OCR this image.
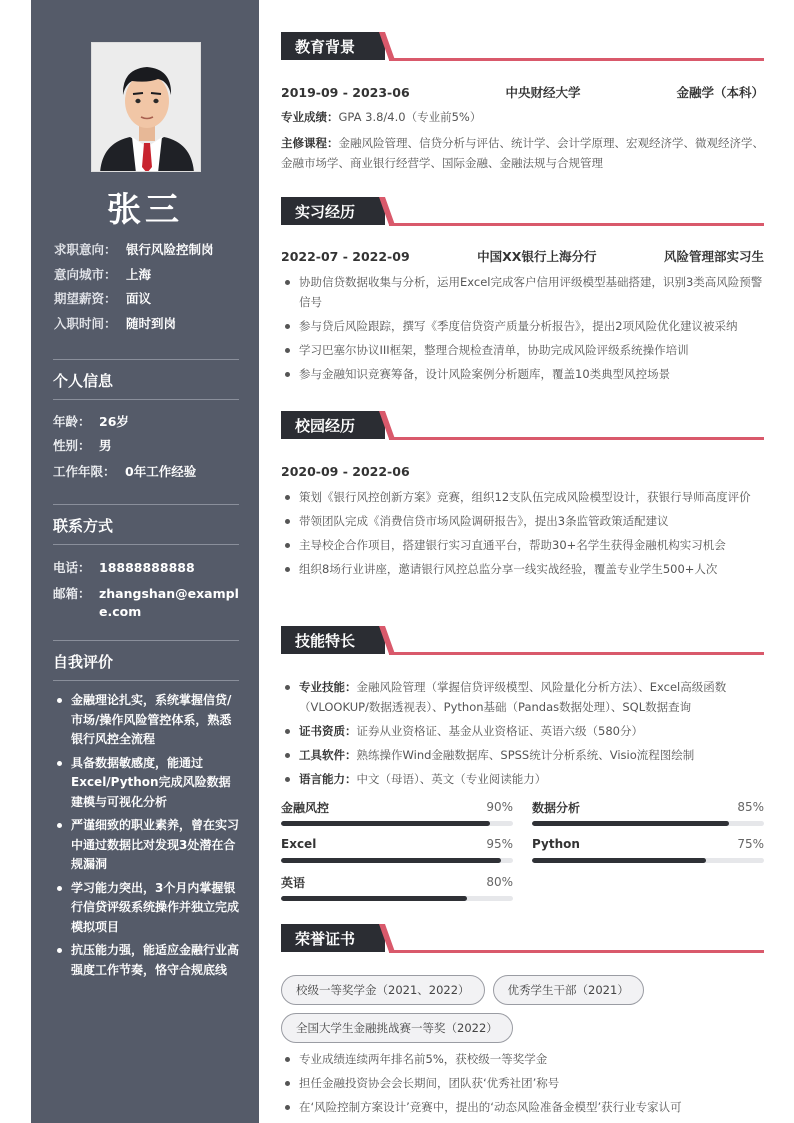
张三
求职意向： 银行风险控制岗
意向城市： 上海
期望薪资： 面议
入职时间： 随时到岗
个人信息
年龄： 26岁
性别： 男
工作年限： 0年工作经验
联系方式
电话： 18888888888
邮箱： zhangshan@example.com
自我评价
金融理论扎实，系统掌握信贷/市场/操作风险管控体系，熟悉银行风控全流程
具备数据敏感度，能通过Excel/Python完成风险数据建模与可视化分析
严谨细致的职业素养，曾在实习中通过数据比对发现3处潜在合规漏洞
学习能力突出，3个月内掌握银行信贷评级系统操作并独立完成模拟项目
抗压能力强，能适应金融行业高强度工作节奏，恪守合规底线
教育背景
2019-09 - 2023-06	中央财经大学	金融学（本科）
专业成绩：GPA 3.8/4.0（专业前5%）
主修课程：金融风险管理、信贷分析与评估、统计学、会计学原理、宏观经济学、微观经济学、金融市场学、商业银行经营学、国际金融、金融法规与合规管理
实习经历
2022-07 - 2022-09	中国XX银行上海分行	风险管理部实习生
协助信贷数据收集与分析，运用Excel完成客户信用评级模型基础搭建，识别3类高风险预警信号
参与贷后风险跟踪，撰写《季度信贷资产质量分析报告》，提出2项风险优化建议被采纳
学习巴塞尔协议III框架，整理合规检查清单，协助完成风险评级系统操作培训
参与金融知识竞赛筹备，设计风险案例分析题库，覆盖10类典型风控场景
校园经历
2020-09 - 2022-06
策划《银行风控创新方案》竞赛，组织12支队伍完成风险模型设计，获银行导师高度评价
带领团队完成《消费信贷市场风险调研报告》，提出3条监管政策适配建议
主导校企合作项目，搭建银行实习直通平台，帮助30+名学生获得金融机构实习机会
组织8场行业讲座，邀请银行风控总监分享一线实战经验，覆盖专业学生500+人次
技能特长
专业技能：金融风险管理（掌握信贷评级模型、风险量化分析方法）、Excel高级函数（VLOOKUP/数据透视表）、Python基础（Pandas数据处理）、SQL数据查询
证书资质：证券从业资格证、基金从业资格证、英语六级（580分）
工具软件：熟练操作Wind金融数据库、SPSS统计分析系统、Visio流程图绘制
语言能力：中文（母语）、英文（专业阅读能力）
金融风控	90% 数据分析	85%
Excel	95% Python	75%
英语	80%
荣誉证书
校级一等奖学金（2021、2022）	优秀学生干部（2021）
全国大学生金融挑战赛一等奖（2022）
专业成绩连续两年排名前5%，获校级一等奖学金
担任金融投资协会会长期间，团队获‘优秀社团’称号
在‘风险控制方案设计’竞赛中，提出的‘动态风险准备金模型’获行业专家认可
